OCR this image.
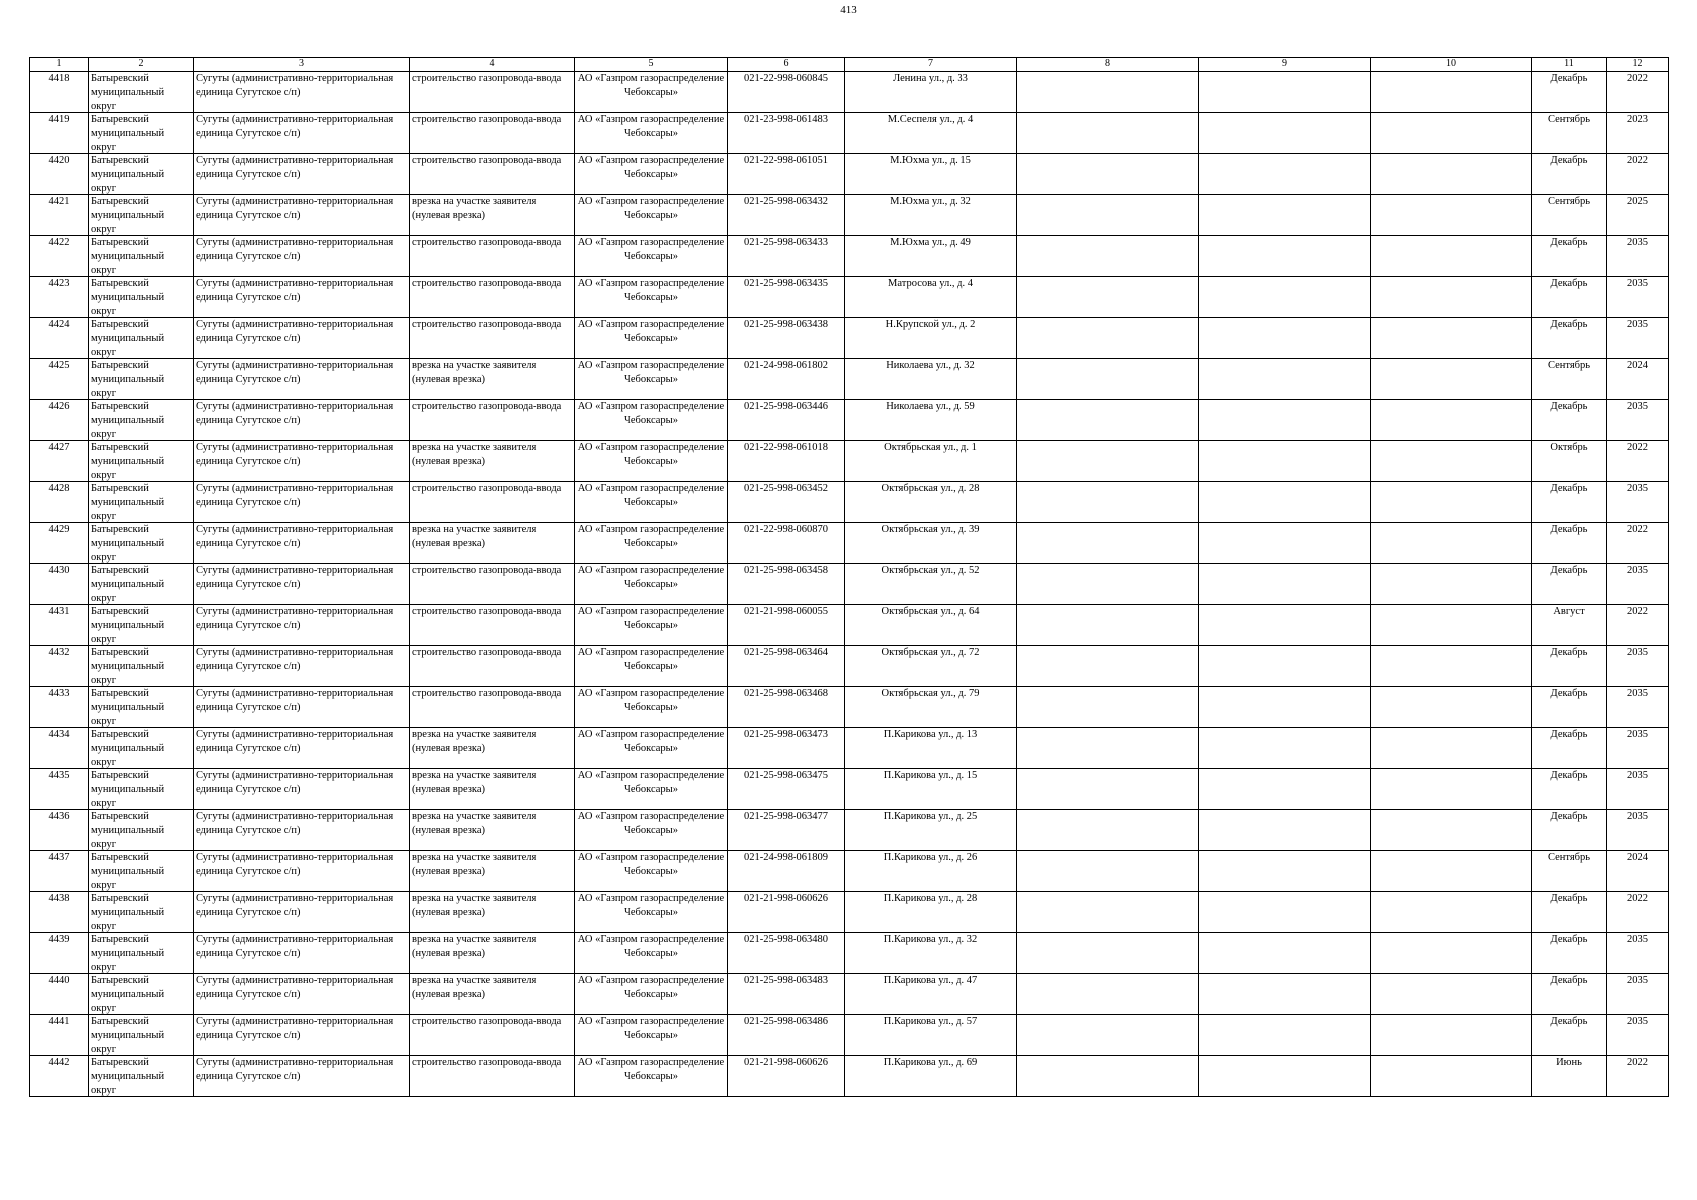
413
1	2	3	4	5	6	7	8	9	10	11	12

4418	Батыревский муниципальный округ	Сугуты (административно-территориальная единица Сугутское с/п)	строительство газопровода-ввода	АО «Газпром газораспределение Чебоксары»	021-22-998-060845	Ленина ул., д. 33				Декабрь	2022

4419	Батыревский муниципальный округ	Сугуты (административно-территориальная единица Сугутское с/п)	строительство газопровода-ввода	АО «Газпром газораспределение Чебоксары»	021-23-998-061483	М.Сеспеля ул., д. 4				Сентябрь	2023

4420	Батыревский муниципальный округ	Сугуты (административно-территориальная единица Сугутское с/п)	строительство газопровода-ввода	АО «Газпром газораспределение Чебоксары»	021-22-998-061051	М.Юхма ул., д. 15				Декабрь	2022

4421	Батыревский муниципальный округ	Сугуты (административно-территориальная единица Сугутское с/п)	врезка на участке заявителя (нулевая врезка)	АО «Газпром газораспределение Чебоксары»	021-25-998-063432	М.Юхма ул., д. 32				Сентябрь	2025

4422	Батыревский муниципальный округ	Сугуты (административно-территориальная единица Сугутское с/п)	строительство газопровода-ввода	АО «Газпром газораспределение Чебоксары»	021-25-998-063433	М.Юхма ул., д. 49				Декабрь	2035

4423	Батыревский муниципальный округ	Сугуты (административно-территориальная единица Сугутское с/п)	строительство газопровода-ввода	АО «Газпром газораспределение Чебоксары»	021-25-998-063435	Матросова ул., д. 4				Декабрь	2035

4424	Батыревский муниципальный округ	Сугуты (административно-территориальная единица Сугутское с/п)	строительство газопровода-ввода	АО «Газпром газораспределение Чебоксары»	021-25-998-063438	Н.Крупской ул., д. 2				Декабрь	2035

4425	Батыревский муниципальный округ	Сугуты (административно-территориальная единица Сугутское с/п)	врезка на участке заявителя (нулевая врезка)	АО «Газпром газораспределение Чебоксары»	021-24-998-061802	Николаева ул., д. 32				Сентябрь	2024

4426	Батыревский муниципальный округ	Сугуты (административно-территориальная единица Сугутское с/п)	строительство газопровода-ввода	АО «Газпром газораспределение Чебоксары»	021-25-998-063446	Николаева ул., д. 59				Декабрь	2035

4427	Батыревский муниципальный округ	Сугуты (административно-территориальная единица Сугутское с/п)	врезка на участке заявителя (нулевая врезка)	АО «Газпром газораспределение Чебоксары»	021-22-998-061018	Октябрьская ул., д. 1				Октябрь	2022

4428	Батыревский муниципальный округ	Сугуты (административно-территориальная единица Сугутское с/п)	строительство газопровода-ввода	АО «Газпром газораспределение Чебоксары»	021-25-998-063452	Октябрьская ул., д. 28				Декабрь	2035

4429	Батыревский муниципальный округ	Сугуты (административно-территориальная единица Сугутское с/п)	врезка на участке заявителя (нулевая врезка)	АО «Газпром газораспределение Чебоксары»	021-22-998-060870	Октябрьская ул., д. 39				Декабрь	2022

4430	Батыревский муниципальный округ	Сугуты (административно-территориальная единица Сугутское с/п)	строительство газопровода-ввода	АО «Газпром газораспределение Чебоксары»	021-25-998-063458	Октябрьская ул., д. 52				Декабрь	2035

4431	Батыревский муниципальный округ	Сугуты (административно-территориальная единица Сугутское с/п)	строительство газопровода-ввода	АО «Газпром газораспределение Чебоксары»	021-21-998-060055	Октябрьская ул., д. 64				Август	2022

4432	Батыревский муниципальный округ	Сугуты (административно-территориальная единица Сугутское с/п)	строительство газопровода-ввода	АО «Газпром газораспределение Чебоксары»	021-25-998-063464	Октябрьская ул., д. 72				Декабрь	2035

4433	Батыревский муниципальный округ	Сугуты (административно-территориальная единица Сугутское с/п)	строительство газопровода-ввода	АО «Газпром газораспределение Чебоксары»	021-25-998-063468	Октябрьская ул., д. 79				Декабрь	2035

4434	Батыревский муниципальный округ	Сугуты (административно-территориальная единица Сугутское с/п)	врезка на участке заявителя (нулевая врезка)	АО «Газпром газораспределение Чебоксары»	021-25-998-063473	П.Карикова ул., д. 13				Декабрь	2035

4435	Батыревский муниципальный округ	Сугуты (административно-территориальная единица Сугутское с/п)	врезка на участке заявителя (нулевая врезка)	АО «Газпром газораспределение Чебоксары»	021-25-998-063475	П.Карикова ул., д. 15				Декабрь	2035

4436	Батыревский муниципальный округ	Сугуты (административно-территориальная единица Сугутское с/п)	врезка на участке заявителя (нулевая врезка)	АО «Газпром газораспределение Чебоксары»	021-25-998-063477	П.Карикова ул., д. 25				Декабрь	2035

4437	Батыревский муниципальный округ	Сугуты (административно-территориальная единица Сугутское с/п)	врезка на участке заявителя (нулевая врезка)	АО «Газпром газораспределение Чебоксары»	021-24-998-061809	П.Карикова ул., д. 26				Сентябрь	2024

4438	Батыревский муниципальный округ	Сугуты (административно-территориальная единица Сугутское с/п)	врезка на участке заявителя (нулевая врезка)	АО «Газпром газораспределение Чебоксары»	021-21-998-060626	П.Карикова ул., д. 28				Декабрь	2022

4439	Батыревский муниципальный округ	Сугуты (административно-территориальная единица Сугутское с/п)	врезка на участке заявителя (нулевая врезка)	АО «Газпром газораспределение Чебоксары»	021-25-998-063480	П.Карикова ул., д. 32				Декабрь	2035

4440	Батыревский муниципальный округ	Сугуты (административно-территориальная единица Сугутское с/п)	врезка на участке заявителя (нулевая врезка)	АО «Газпром газораспределение Чебоксары»	021-25-998-063483	П.Карикова ул., д. 47				Декабрь	2035

4441	Батыревский муниципальный округ	Сугуты (административно-территориальная единица Сугутское с/п)	строительство газопровода-ввода	АО «Газпром газораспределение Чебоксары»	021-25-998-063486	П.Карикова ул., д. 57				Декабрь	2035

4442	Батыревский муниципальный округ	Сугуты (административно-территориальная единица Сугутское с/п)	строительство газопровода-ввода	АО «Газпром газораспределение Чебоксары»	021-21-998-060626	П.Карикова ул., д. 69				Июнь	2022
